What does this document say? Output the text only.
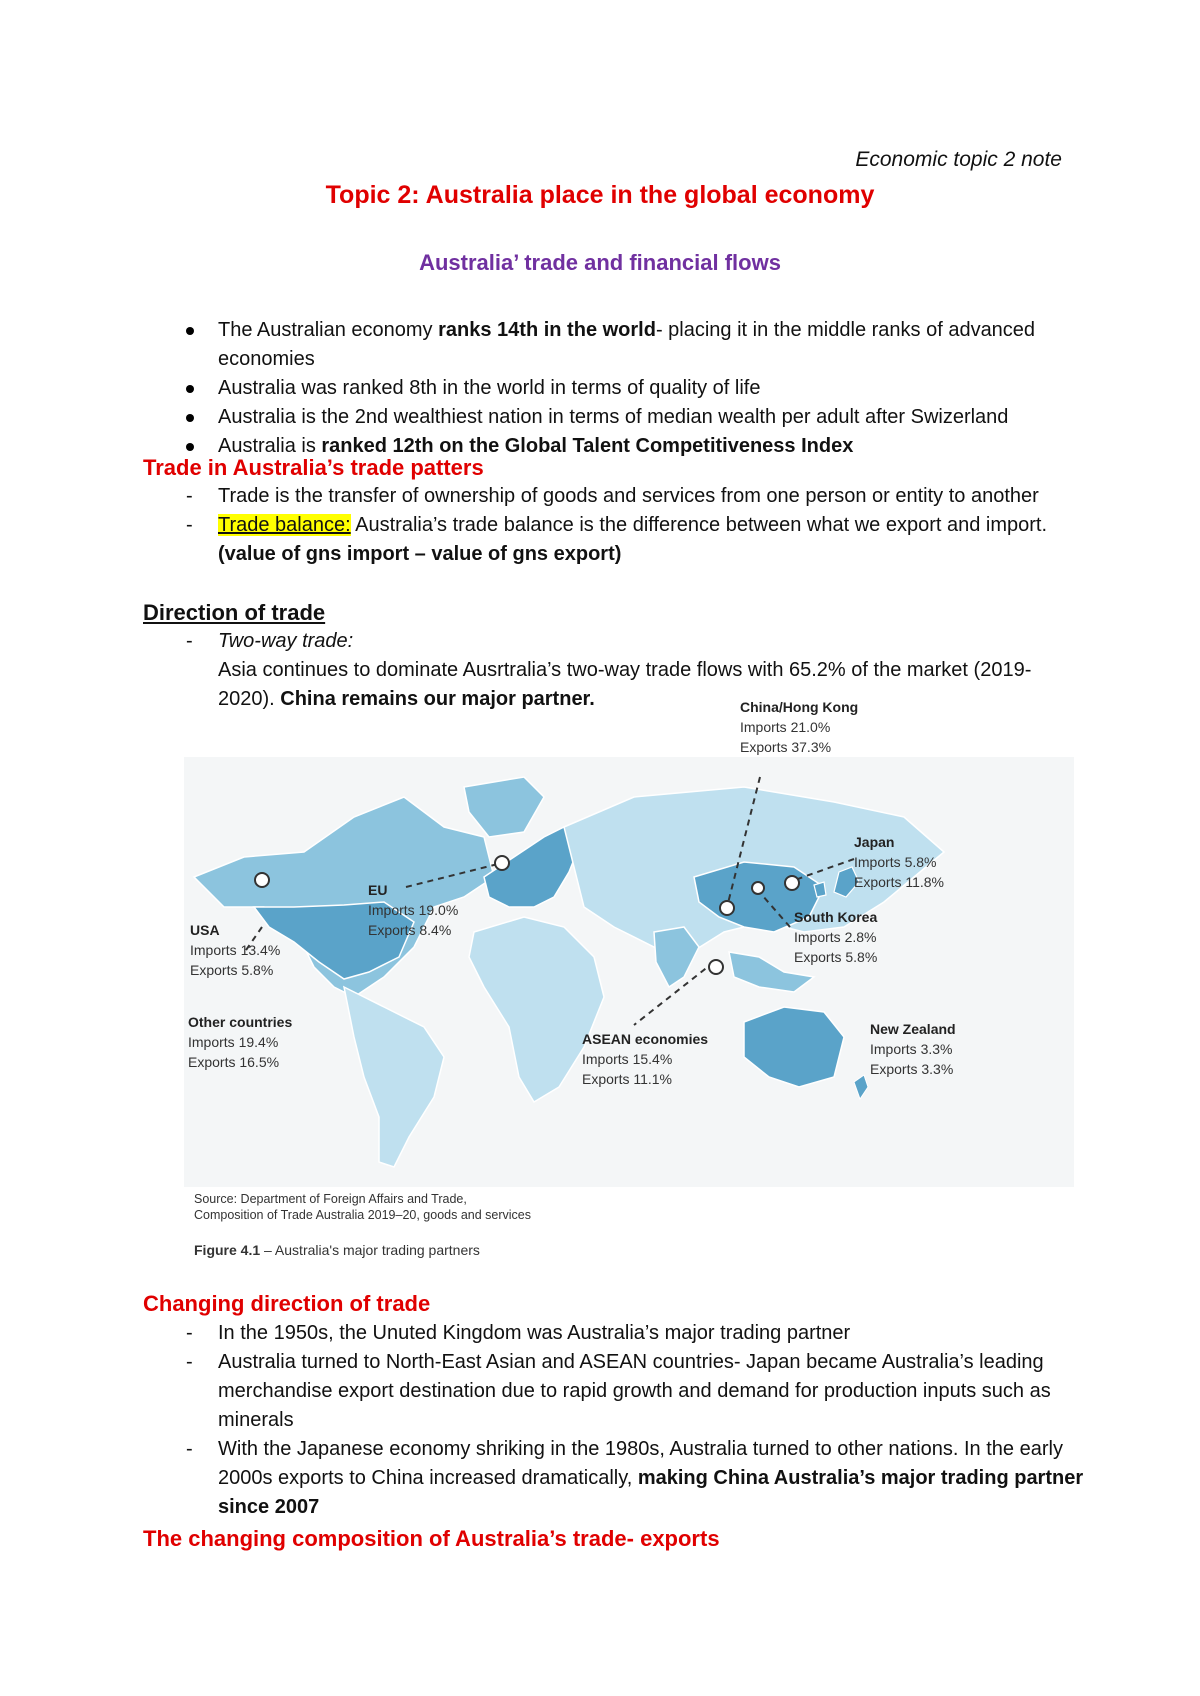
Economic topic 2 note
Topic 2: Australia place in the global economy
Australia’ trade and financial flows
The Australian economy ranks 14th in the world- placing it in the middle ranks of advanced economies
Australia was ranked 8th in the world in terms of quality of life
Australia is the 2nd wealthiest nation in terms of median wealth per adult after Swizerland
Australia is ranked 12th on the Global Talent Competitiveness Index
Trade in Australia’s trade patters
- Trade is the transfer of ownership of goods and services from one person or entity to another
- Trade balance: Australia’s trade balance is the difference between what we export and import. (value of gns import – value of gns export)
Direction of trade
- Two-way trade:
Asia continues to dominate Ausrtralia’s two-way trade flows with 65.2% of the market (2019-2020). China remains our major partner.	China/Hong Kong
Imports 21.0%
Exports 37.3%
Japan
Imports 5.8%
Exports 11.8%
South Korea
Imports 2.8%
Exports 5.8%
EU
Imports 19.0%
Exports 8.4%
USA
Imports 13.4%
Exports 5.8%
Other countries
Imports 19.4%
Exports 16.5%
ASEAN economies
Imports 15.4%
Exports 11.1%
New Zealand
Imports 3.3%
Exports 3.3%
Source: Department of Foreign Affairs and Trade,
Composition of Trade Australia 2019–20, goods and services
Figure 4.1 – Australia's major trading partners
Changing direction of trade
- In the 1950s, the Unuted Kingdom was Australia’s major trading partner
- Australia turned to North-East Asian and ASEAN countries- Japan became Australia’s leading merchandise export destination due to rapid growth and demand for production inputs such as minerals
- With the Japanese economy shriking in the 1980s, Australia turned to other nations. In the early 2000s exports to China increased dramatically, making China Australia’s major trading partner since 2007
The changing composition of Australia’s trade- exports
